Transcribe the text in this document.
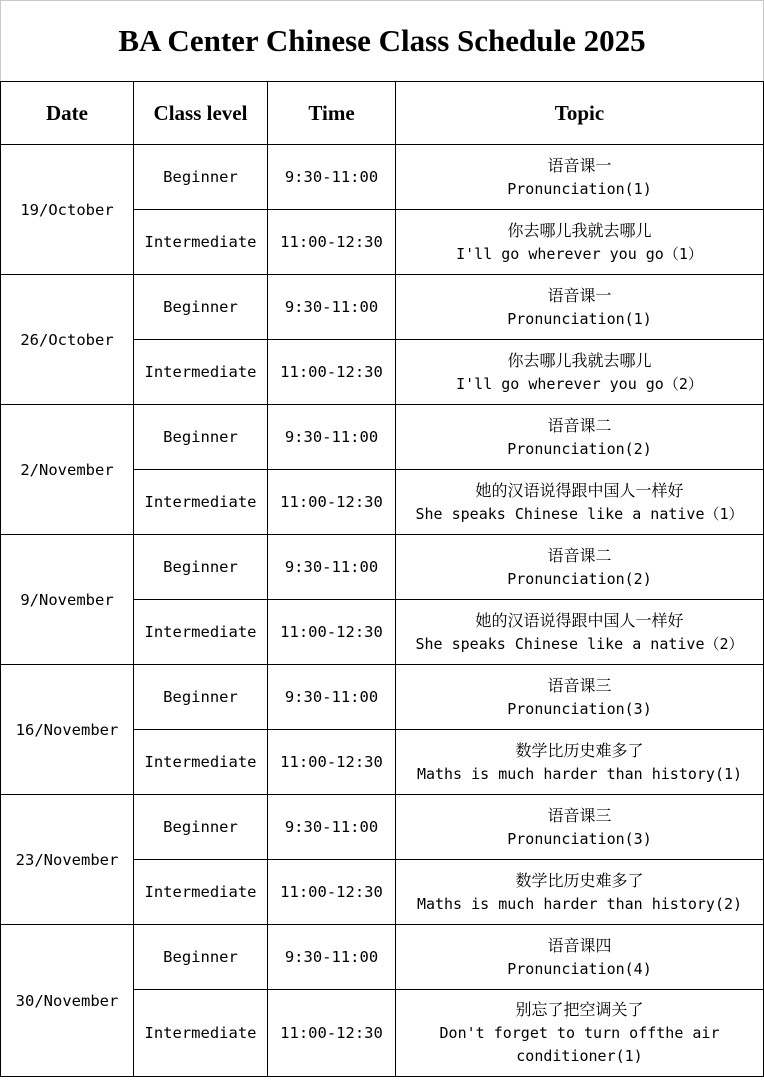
BA Center Chinese Class Schedule 2025
Date	Class level	Time	Topic
19/October	Beginner	9:30-11:00	语音课一
Pronunciation(1)

	Intermediate	11:00-12:30	你去哪儿我就去哪儿
I'll go wherever you go（1）

26/October	Beginner	9:30-11:00	语音课一
Pronunciation(1)

	Intermediate	11:00-12:30	你去哪儿我就去哪儿
I'll go wherever you go（2）

2/November	Beginner	9:30-11:00	语音课二
Pronunciation(2)

	Intermediate	11:00-12:30	她的汉语说得跟中国人一样好
She speaks Chinese like a native（1）

9/November	Beginner	9:30-11:00	语音课二
Pronunciation(2)

	Intermediate	11:00-12:30	她的汉语说得跟中国人一样好
She speaks Chinese like a native（2）

16/November	Beginner	9:30-11:00	语音课三
Pronunciation(3)

	Intermediate	11:00-12:30	数学比历史难多了
Maths is much harder than history(1)

23/November	Beginner	9:30-11:00	语音课三
Pronunciation(3)

	Intermediate	11:00-12:30	数学比历史难多了
Maths is much harder than history(2)

30/November	Beginner	9:30-11:00	语音课四
Pronunciation(4)

	Intermediate	11:00-12:30	别忘了把空调关了
Don't forget to turn offthe air conditioner(1)
